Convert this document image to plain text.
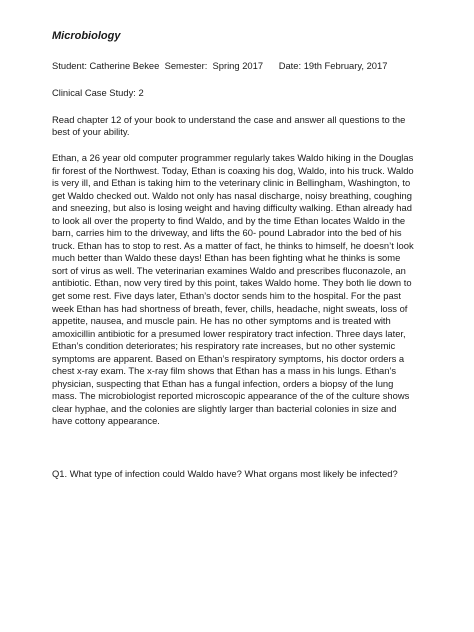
Microbiology

Student: Catherine Bekee  Semester:  Spring 2017      Date: 19th February, 2017

Clinical Case Study: 2

Read chapter 12 of your book to understand the case and answer all questions to the best of your ability.

Ethan, a 26 year old computer programmer regularly takes Waldo hiking in the Douglas fir forest of the Northwest. Today, Ethan is coaxing his dog, Waldo, into his truck. Waldo is very ill, and Ethan is taking him to the veterinary clinic in Bellingham, Washington, to get Waldo checked out. Waldo not only has nasal discharge, noisy breathing, coughing and sneezing, but also is losing weight and having difficulty walking. Ethan already had to look all over the property to find Waldo, and by the time Ethan locates Waldo in the barn, carries him to the driveway, and lifts the 60- pound Labrador into the bed of his truck. Ethan has to stop to rest. As a matter of fact, he thinks to himself, he doesn’t look much better than Waldo these days! Ethan has been fighting what he thinks is some sort of virus as well. The veterinarian examines Waldo and prescribes fluconazole, an antibiotic. Ethan, now very tired by this point, takes Waldo home. They both lie down to get some rest. Five days later, Ethan’s doctor sends him to the hospital. For the past week Ethan has had shortness of breath, fever, chills, headache, night sweats, loss of appetite, nausea, and muscle pain. He has no other symptoms and is treated with amoxicillin antibiotic for a presumed lower respiratory tract infection. Three days later, Ethan’s condition deteriorates; his respiratory rate increases, but no other systemic symptoms are apparent. Based on Ethan’s respiratory symptoms, his doctor orders a chest x-ray exam. The x-ray film shows that Ethan has a mass in his lungs. Ethan’s physician, suspecting that Ethan has a fungal infection, orders a biopsy of the lung mass. The microbiologist reported microscopic appearance of the of the culture shows clear hyphae, and the colonies are slightly larger than bacterial colonies in size and have cottony appearance.

Q1. What type of infection could Waldo have? What organs most likely be infected?
